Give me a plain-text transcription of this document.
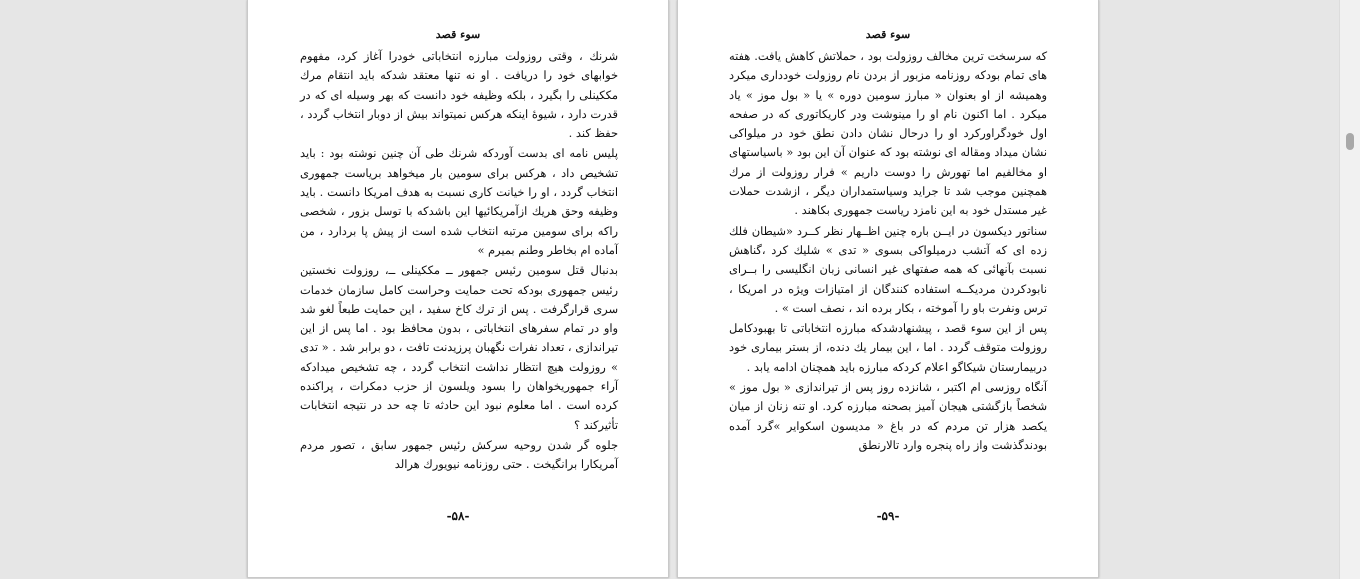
سوء قصد

شرنك ، وقتی روزولت مبارزه انتخاباتی خودرا آغاز کرد، مفهوم خوابهای خود را دریافت . او نه تنها معتقد شدکه باید انتقام مرك مككینلی را بگیرد ، بلكه وظیفه خود دانست که بهر وسیله ای که در قدرت دارد ، شیوهٔ اینكه هرکس نمیتواند بیش از دوبار انتخاب گردد ، حفظ كند .

پلیس نامه ای بدست آوردكه شرنك طی آن چنین نوشته بود : باید تشخیص داد ، هرکس برای سومین بار میخواهد بریاست جمهوری انتخاب گردد ، او را خیانت کاری نسبت به هدف امریكا دانست . باید وظیفه وحق هریك ازآمریكائیها این باشدكه با توسل بزور ، شخصی راكه برای سومین مرتبه انتخاب شده است از پیش پا بردارد ، من آماده ام بخاطر وطنم بمیرم »

بدنبال قتل سومین رئیس جمهور ــ مككینلی ــ، روزولت نخستین رئیس جمهوری بودكه تحت حمایت وحراست كامل سازمان خدمات سری قرارگرفت . پس از ترك كاخ سفید ، این حمایت طبعاً لغو شد واو در تمام سفرهای انتخاباتی ، بدون محافظ بود . اما پس از این تیراندازی ، تعداد نفرات نگهبان پرزیدنت تافت ، دو برابر شد . « تدی » روزولت هیچ انتظار نداشت انتخاب گردد ، چه تشخیص میدادكه آراء جمهوریخواهان را بسود ویلسون از حزب دمكرات ، پراكنده كرده است . اما معلوم نبود این حادثه تا چه حد در نتیجه انتخابات تأثیركند ؟

جلوه گر شدن روحیه سرکش رئیس جمهور سابق ، تصور مردم آمریكارا برانگیخت . حتی روزنامه نیویورك هرالد

-۵۸-
سوء قصد

که سرسخت ترین مخالف روزولت بود ، حملاتش كاهش یافت. هفته های تمام بودكه روزنامه مزبور از بردن نام روزولت خودداری میكرد وهمیشه از او بعنوان « مبارز سومین دوره » یا « بول موز » یاد میكرد . اما اكنون نام او را مینوشت ودر كاریكاتوری كه در صفحه اول خودگراوركرد او را درحال نشان دادن نطق خود در میلواكی نشان میداد ومقاله ای نوشته بود كه عنوان آن این بود « باسیاستهای او مخالفیم اما تهورش را دوست داریم » فرار روزولت از مرك همچنین موجب شد تا جراید وسیاستمداران دیگر ، ازشدت حملات غیر مستدل خود به این نامزد ریاست جمهوری بكاهند .

سناتور دیكسون در ایــن باره چنین اظــهار نظر كــرد «شیطان فلك زده ای كه آتشب درمیلواكی بسوی « تدی » شلیك كرد ،گناهش نسبت بآنهائی كه همه صفتهای غیر انسانی زبان انگلیسی را بــرای نابودكردن مردیكــه استفاده كنندگان از امتیازات ویژه در امریكا ، ترس ونفرت باو را آموخته ، بكار برده اند ، نصف است » .

پس از این سوء قصد ، پیشنهادشدكه مبارزه انتخاباتی تا بهبودكامل روزولت متوقف گردد . اما ، این بیمار یك دنده، از بستر بیماری خود دربیمارستان شیكاگو اعلام كردكه مبارزه باید همچنان ادامه یابد .

آنگاه روزسی ام اكتبر ، شانزده روز پس از تیراندازی « بول موز » شخصاً بازگشتی هیجان آمیز بصحنه مبارزه كرد. او تنه زنان از میان یكصد هزار تن مردم كه در باغ « مدیسون اسكوایر »گرد آمده بودندگذشت واز راه پنجره وارد تالارنطق

-۵۹-
